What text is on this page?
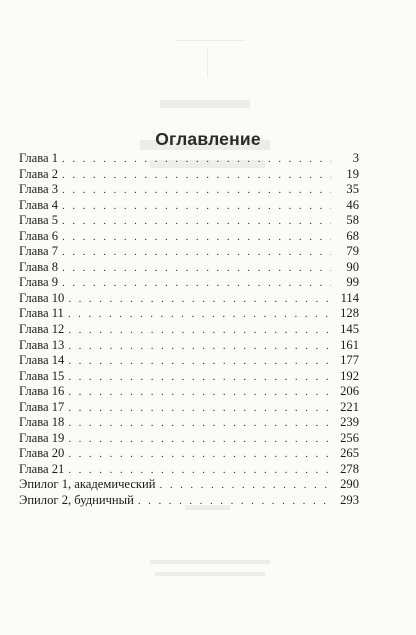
Оглавление
Глава 1 . . .	3
Глава 2 . . .	19
Глава 3 . . .	35
Глава 4 . . .	46
Глава 5 . . .	58
Глава 6 . . .	68
Глава 7 . . .	79
Глава 8 . . .	90
Глава 9 . . .	99
Глава 10 . . .	114
Глава 11 . . .	128
Глава 12 . . .	145
Глава 13 . . .	161
Глава 14 . . .	177
Глава 15 . . .	192
Глава 16 . . .	206
Глава 17 . . .	221
Глава 18 . . .	239
Глава 19 . . .	256
Глава 20 . . .	265
Глава 21 . . .	278
Эпилог 1, академический . . .	290
Эпилог 2, будничный . . .	293
